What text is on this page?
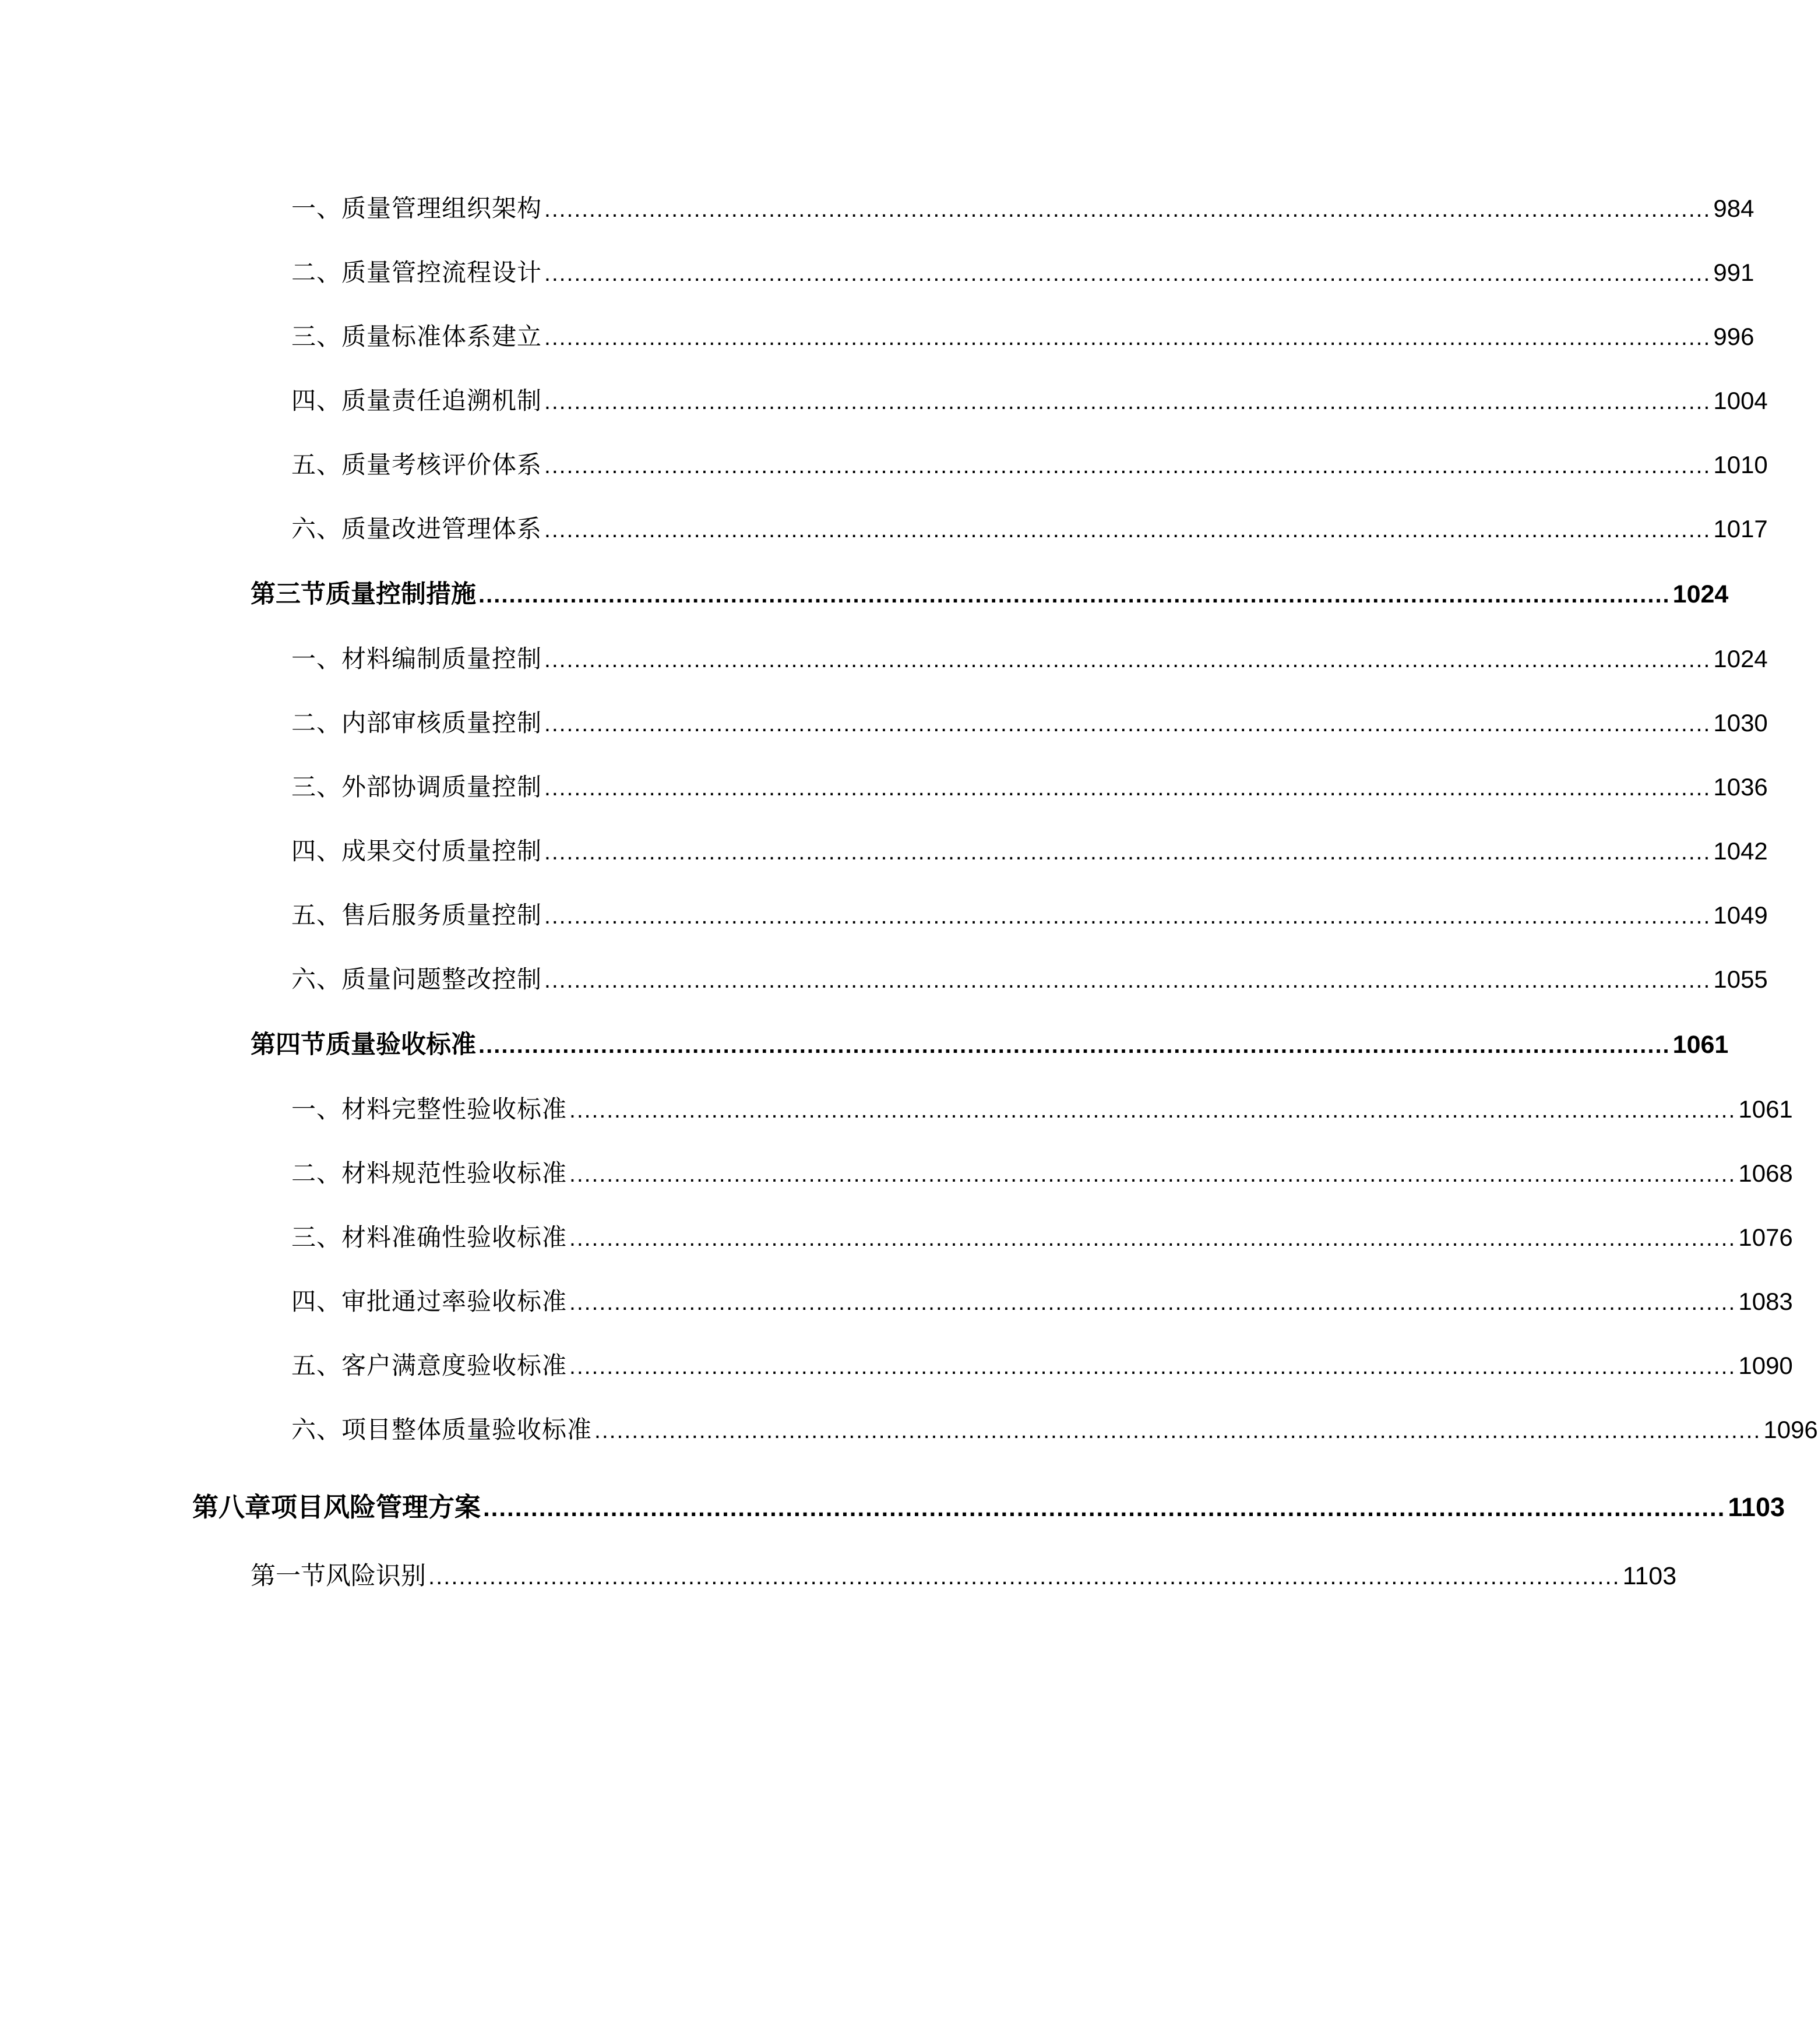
一、质量管理组织架构 ............................................................................................................................................................ 984
二、质量管控流程设计 ............................................................................................................................................................ 991
三、质量标准体系建立 ............................................................................................................................................................ 996
四、质量责任追溯机制 ............................................................................................................................................................ 1004
五、质量考核评价体系 ............................................................................................................................................................ 1010
六、质量改进管理体系 ............................................................................................................................................................ 1017
第三节质量控制措施 ............................................................................................................................................................ 1024
一、材料编制质量控制 ............................................................................................................................................................ 1024
二、内部审核质量控制 ............................................................................................................................................................ 1030
三、外部协调质量控制 ............................................................................................................................................................ 1036
四、成果交付质量控制 ............................................................................................................................................................ 1042
五、售后服务质量控制 ............................................................................................................................................................ 1049
六、质量问题整改控制 ............................................................................................................................................................ 1055
第四节质量验收标准 ............................................................................................................................................................ 1061
一、材料完整性验收标准 ............................................................................................................................................................ 1061
二、材料规范性验收标准 ............................................................................................................................................................ 1068
三、材料准确性验收标准 ............................................................................................................................................................ 1076
四、审批通过率验收标准 ............................................................................................................................................................ 1083
五、客户满意度验收标准 ............................................................................................................................................................ 1090
六、项目整体质量验收标准 ............................................................................................................................................................ 1096
第八章项目风险管理方案 ............................................................................................................................................................ 1103
第一节风险识别 ............................................................................................................................................................ 1103
